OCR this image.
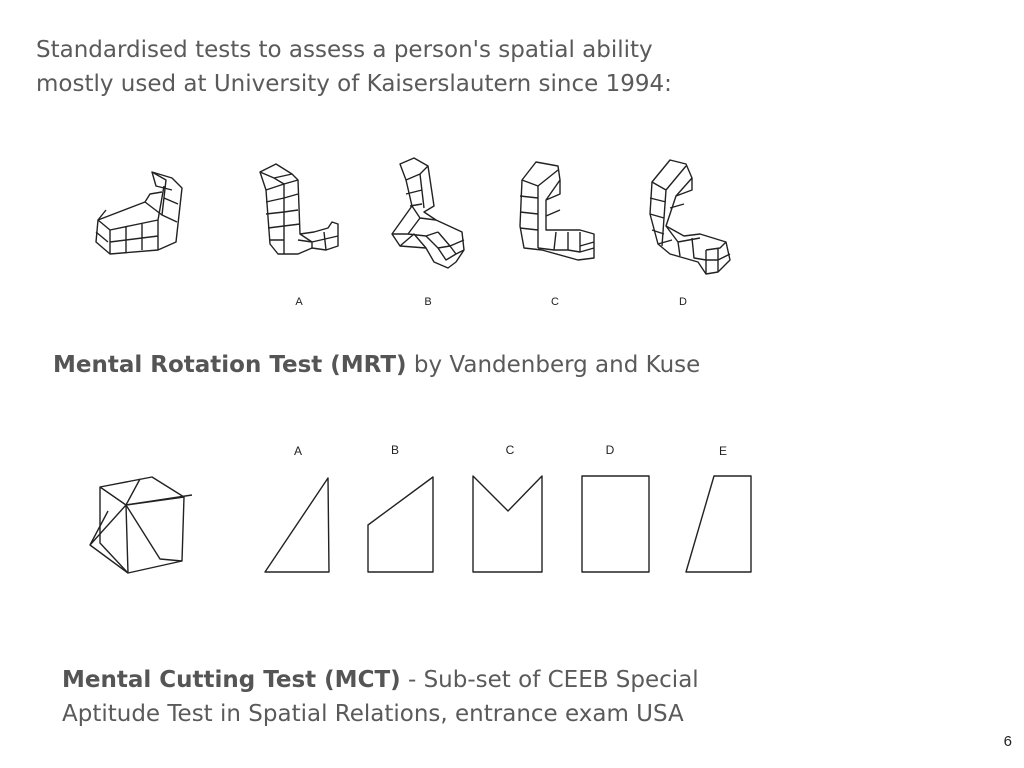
Standardised tests to assess a person's spatial ability
mostly used at University of Kaiserslautern since 1994:
A	B	C	D
Mental Rotation Test (MRT) by Vandenberg and Kuse
A	B	C	D	E
Mental Cutting Test (MCT) - Sub-set of CEEB Special
Aptitude Test in Spatial Relations, entrance exam USA
6
